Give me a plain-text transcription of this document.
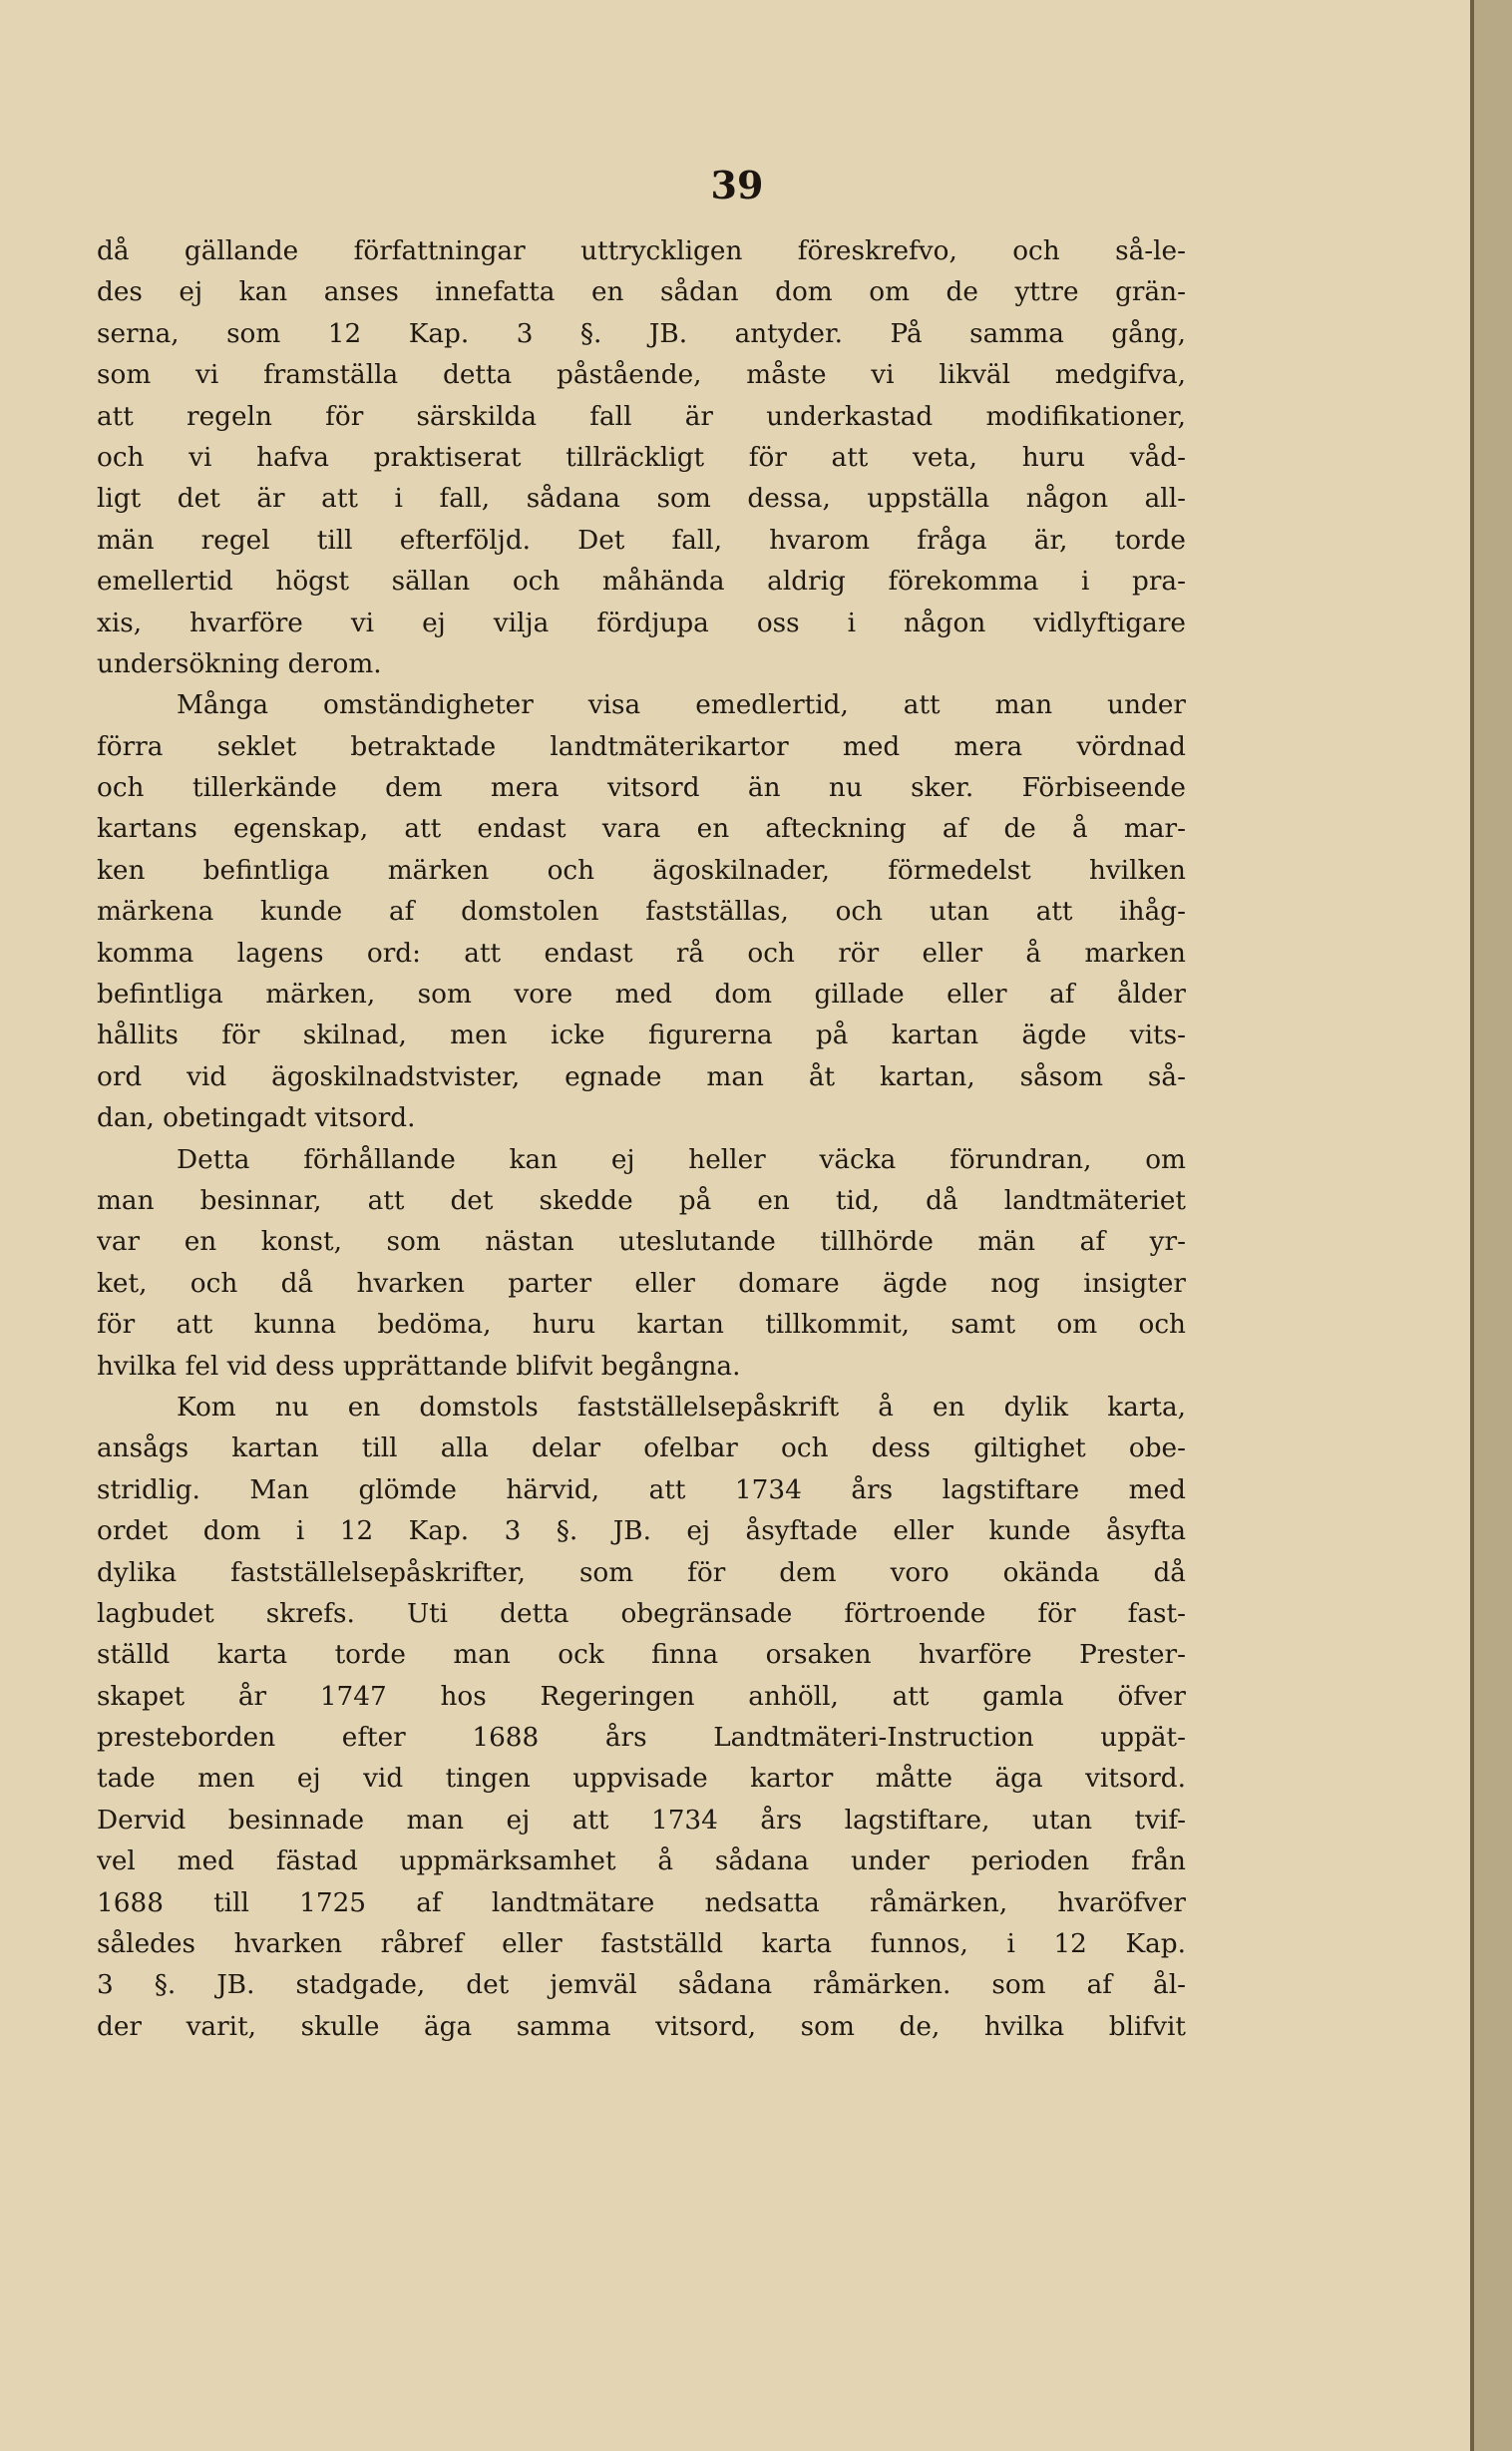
39
då gällande författningar uttryckligen föreskrefvo, och så-le-
des ej kan anses innefatta en sådan dom om de yttre grän-
serna, som 12 Kap. 3 §. JB. antyder. På samma gång,
som vi framställa detta påstående, måste vi likväl medgifva,
att regeln för särskilda fall är underkastad modifikationer,
och vi hafva praktiserat tillräckligt för att veta, huru våd-
ligt det är att i fall, sådana som dessa, uppställa någon all-
män regel till efterföljd. Det fall, hvarom fråga är, torde
emellertid högst sällan och måhända aldrig förekomma i pra-
xis, hvarföre vi ej vilja fördjupa oss i någon vidlyftigare
undersökning derom.
Många omständigheter visa emedlertid, att man under
förra seklet betraktade landtmäterikartor med mera vördnad
och tillerkände dem mera vitsord än nu sker. Förbiseende
kartans egenskap, att endast vara en afteckning af de å mar-
ken befintliga märken och ägoskilnader, förmedelst hvilken
märkena kunde af domstolen fastställas, och utan att ihåg-
komma lagens ord: att endast rå och rör eller å marken
befintliga märken, som vore med dom gillade eller af ålder
hållits för skilnad, men icke figurerna på kartan ägde vits-
ord vid ägoskilnadstvister, egnade man åt kartan, såsom så-
dan, obetingadt vitsord.
Detta förhållande kan ej heller väcka förundran, om
man besinnar, att det skedde på en tid, då landtmäteriet
var en konst, som nästan uteslutande tillhörde män af yr-
ket, och då hvarken parter eller domare ägde nog insigter
för att kunna bedöma, huru kartan tillkommit, samt om och
hvilka fel vid dess upprättande blifvit begångna.
Kom nu en domstols fastställelsepåskrift å en dylik karta,
ansågs kartan till alla delar ofelbar och dess giltighet obe-
stridlig. Man glömde härvid, att 1734 års lagstiftare med
ordet dom i 12 Kap. 3 §. JB. ej åsyftade eller kunde åsyfta
dylika fastställelsepåskrifter, som för dem voro okända då
lagbudet skrefs. Uti detta obegränsade förtroende för fast-
ställd karta torde man ock finna orsaken hvarföre Prester-
skapet år 1747 hos Regeringen anhöll, att gamla öfver
presteborden efter 1688 års Landtmäteri-Instruction uppät-
tade men ej vid tingen uppvisade kartor måtte äga vitsord.
Dervid besinnade man ej att 1734 års lagstiftare, utan tvif-
vel med fästad uppmärksamhet å sådana under perioden från
1688 till 1725 af landtmätare nedsatta råmärken, hvaröfver
således hvarken råbref eller fastställd karta funnos, i 12 Kap.
3 §. JB. stadgade, det jemväl sådana råmärken. som af ål-
der varit, skulle äga samma vitsord, som de, hvilka blifvit
